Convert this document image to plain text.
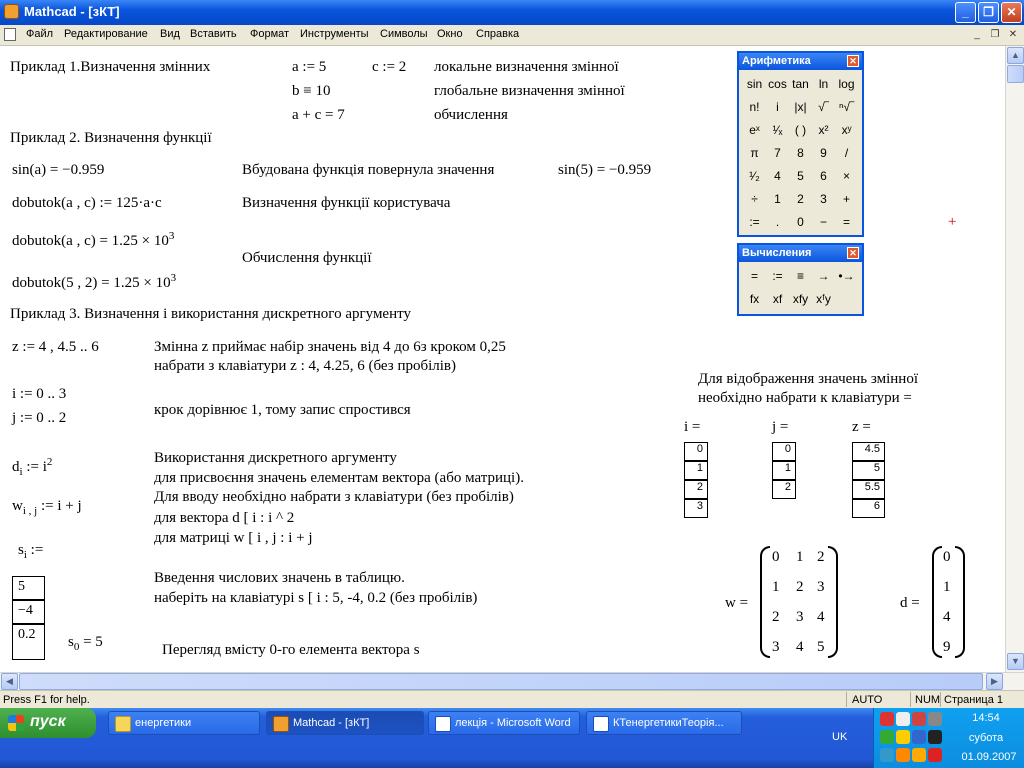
Mathcad - [зКТ]	_	❐	✕
Файл Редактирование Вид Вставить Формат Инструменты Символы Окно Справка	_	❐ ✕
Приклад 1.Визначення змінних	a := 5	c := 2 локальне визначення змінної
b ≡ 10	глобальне визначення змінної
a + c = 7	обчислення
Приклад 2. Визначення функції
sin(a) = −0.959	Вбудована функція повернула значення	sin(5) = −0.959
dobutok(a , c) := 125·a·c	Визначення функції користувача
dobutok(a , $c) = 1.25 \times 10^3$
Обчислення функції
dobutok(5 , $2) = 1.25 \times 10^3$
Приклад 3. Визначення і використання дискретного аргументу
z := 4 , 4.5 .. 6	Змінна z приймає набір значень від 4 до 6з кроком 0,25
набрати з клавіатури z : 4, 4.25, 6 (без пробілів)
i := 0 .. 3
j := 0 .. 2	крок дорівнює 1, тому запис спростився
$d_i$ := $i^2$	Використання дискретного аргументу
для присвоєння значень елементам вектора (або матриці).
$w_{i , j}$ := i + j
Для вводу необхідно набрати з клавіатури (без пробілів)
для вектора d [ i : i ^ 2
для матриці w [ i , j : i + j
$s_i$ :=
5
−4
0.2
Введення числових значень в таблицю.
наберіть на клавіатурі s [ i : 5, -4, 0.2 (без пробілів)
$s_0 = 5$	Перегляд вмісту 0-го елемента вектора s
Для відображення значень змінної
необхідно набрати к клавіатури =
i =	j =	z =
0
1
2
3
0
1
2
4.5
5
5.5
6
w =
0 1 2
1 2 3
2 3 4
3 4 5
d =
0
1
4
9
+
Арифметика	✕
sin cos tan ln log
n!	i	|x| √‾ ⁿ√‾
eˣ	¹⁄ₓ	( )	x²	xʸ
π	7	8	9	/
¹⁄₂	4	5	6	×
÷	1	2	3	+
:=	.	0	−	=
Вычисления	✕
=	:=	≡	→ •→
fx	xf xfy xᶠy
▲
▼
◀	▶
Press F1 for help.	AUTO	NUM Страница 1
пуск	енергетики	Mathcad - [зКТ]	лекція - Microsoft Word	КТенергетикиТеорія...
UK
14:54
субота
01.09.2007
